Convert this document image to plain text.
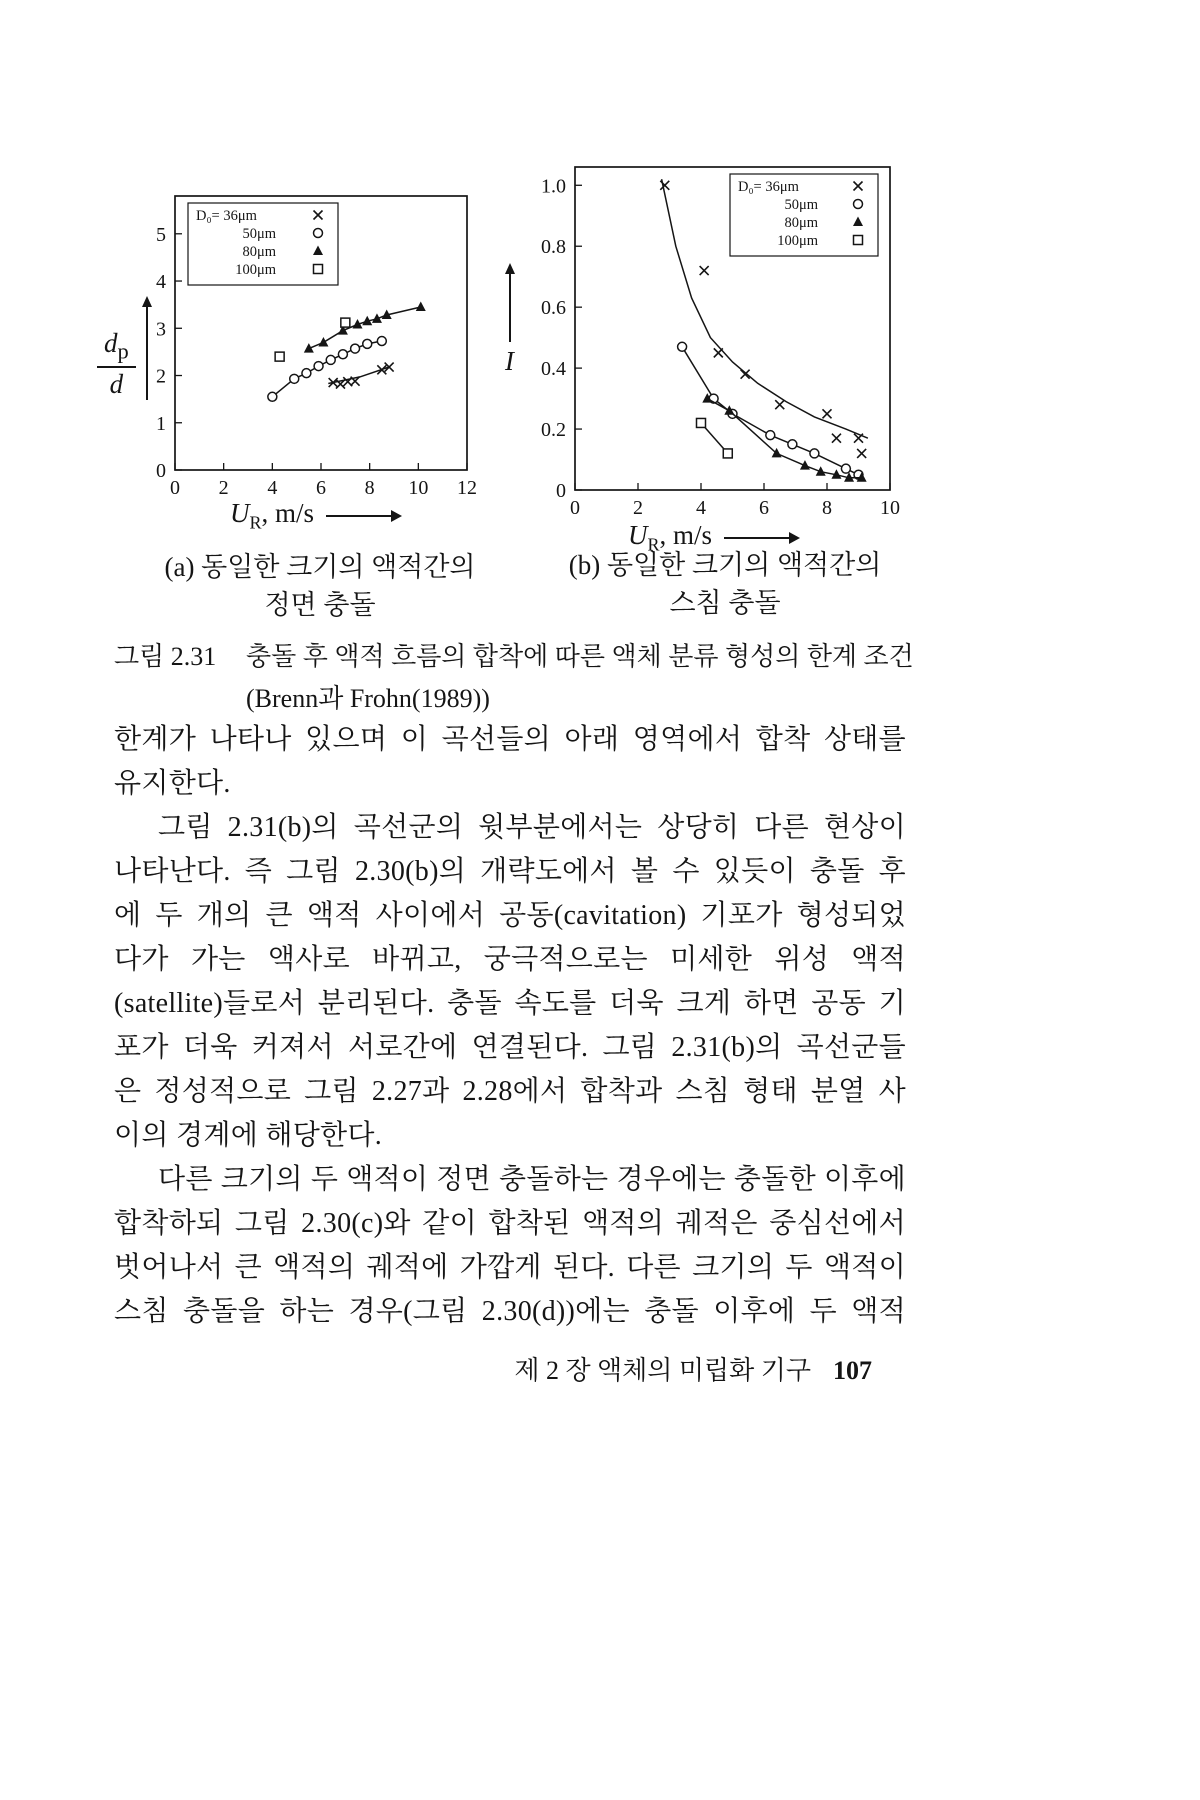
0 2 4 6 8 10 12
0
1
2
3
4
5
D₀= 36μm
50μm
80μm
100μm
$\frac{d_p}{d}$
$U_R$, m/s
(a) 동일한 크기의 액적간의
정면 충돌
0	2	4	6	8 10
0
0.2
0.4
0.6
0.8
1.0	D₀= 36μm
50μm
80μm
100μm
I
$U_R$, m/s
(b) 동일한 크기의 액적간의
스침 충돌
그림 2.31 충돌 후 액적 흐름의 합착에 따른 액체 분류 형성의 한계 조건
(Brenn과 Frohn(1989))
한계가 나타나 있으며 이 곡선들의 아래 영역에서 합착 상태를
유지한다.
그림 2.31(b)의 곡선군의 윗부분에서는 상당히 다른 현상이
나타난다. 즉 그림 2.30(b)의 개략도에서 볼 수 있듯이 충돌 후
에 두 개의 큰 액적 사이에서 공동(cavitation) 기포가 형성되었
다가 가는 액사로 바뀌고, 궁극적으로는 미세한 위성 액적
(satellite)들로서 분리된다. 충돌 속도를 더욱 크게 하면 공동 기
포가 더욱 커져서 서로간에 연결된다. 그림 2.31(b)의 곡선군들
은 정성적으로 그림 2.27과 2.28에서 합착과 스침 형태 분열 사
이의 경계에 해당한다.
다른 크기의 두 액적이 정면 충돌하는 경우에는 충돌한 이후에
합착하되 그림 2.30(c)와 같이 합착된 액적의 궤적은 중심선에서
벗어나서 큰 액적의 궤적에 가깝게 된다. 다른 크기의 두 액적이
스침 충돌을 하는 경우(그림 2.30(d))에는 충돌 이후에 두 액적
제 2 장 액체의 미립화 기구 107
